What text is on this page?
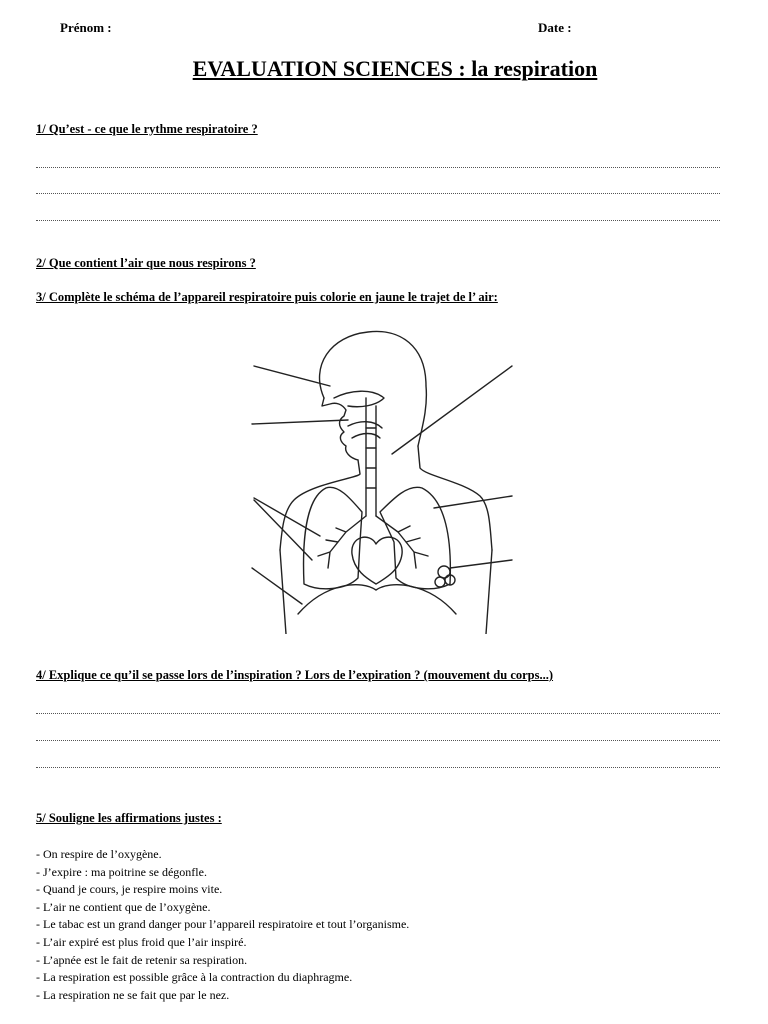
Prénom :	Date :
EVALUATION SCIENCES : la respiration
1/ Qu’est - ce que le rythme respiratoire ?
2/ Que contient l’air que nous respirons ?
3/ Complète le schéma de l’appareil respiratoire puis colorie en jaune le trajet de l’ air:
4/ Explique ce qu’il se passe lors de l’inspiration ? Lors de l’expiration ? (mouvement du corps...)
5/ Souligne les affirmations justes :
- On respire de l’oxygène.
- J’expire : ma poitrine se dégonfle.
- Quand je cours, je respire moins vite.
- L’air ne contient que de l’oxygène.
- Le tabac est un grand danger pour l’appareil respiratoire et tout l’organisme.
- L’air expiré est plus froid que l’air inspiré.
- L’apnée est le fait de retenir sa respiration.
- La respiration est possible grâce à la contraction du diaphragme.
- La respiration ne se fait que par le nez.
